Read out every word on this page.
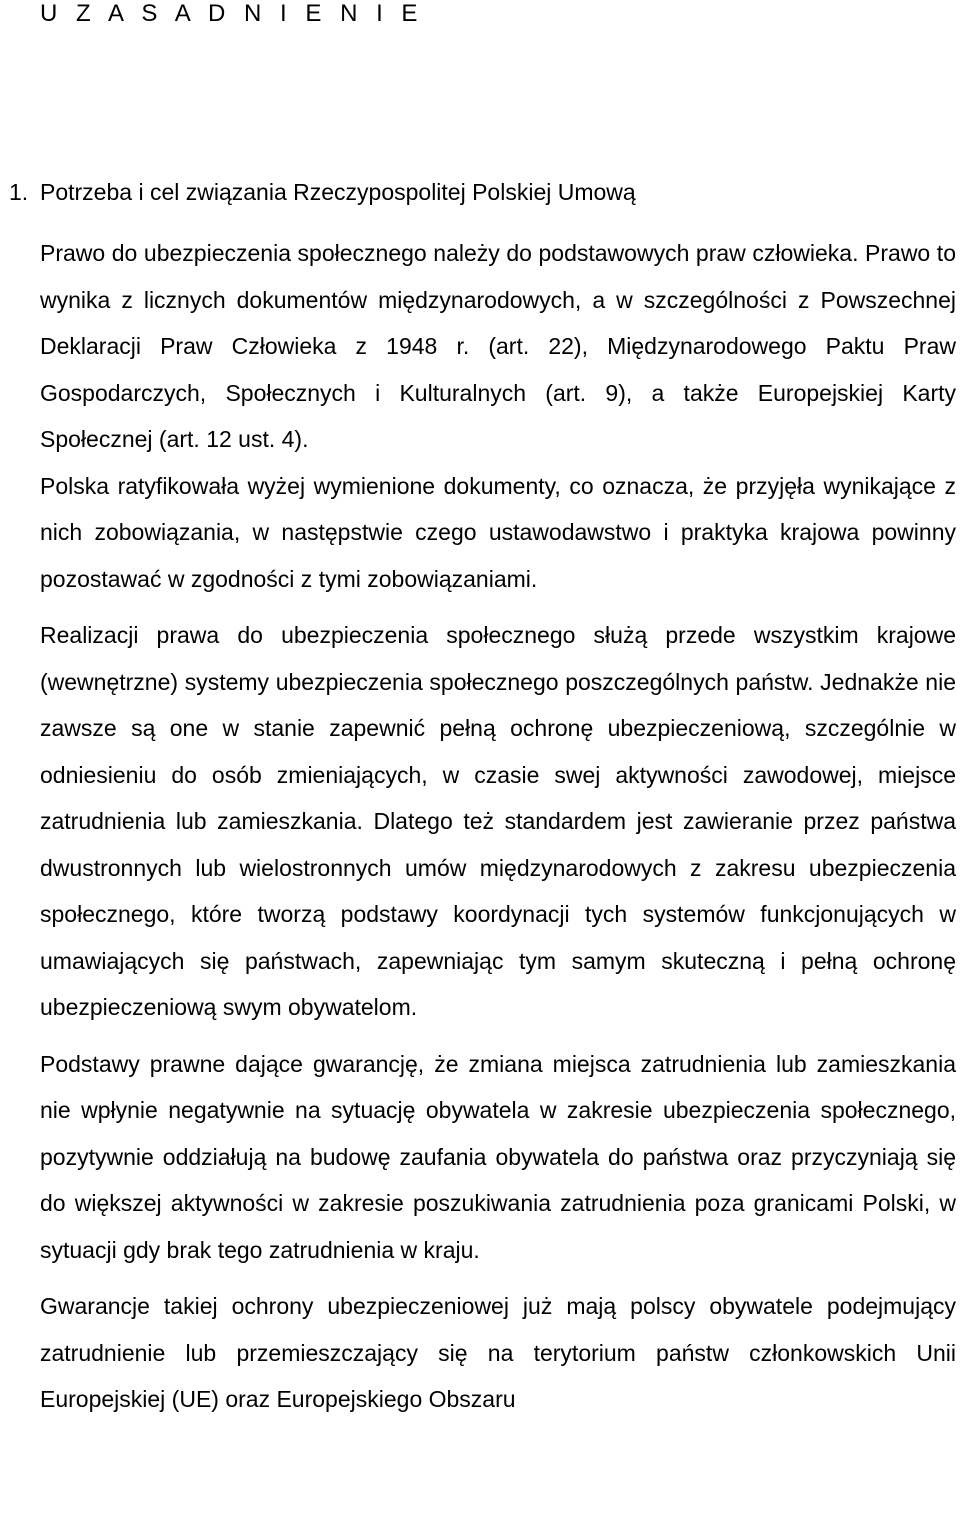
U Z A S A D N I E N I E
1. Potrzeba i cel związania Rzeczypospolitej Polskiej Umową

Prawo do ubezpieczenia społecznego należy do podstawowych praw człowieka. Prawo to wynika z licznych dokumentów międzynarodowych, a w szczególności z Powszechnej Deklaracji Praw Człowieka z 1948 r. (art. 22), Międzynarodowego Paktu Praw Gospodarczych, Społecznych i Kulturalnych (art. 9), a także Europejskiej Karty Społecznej (art. 12 ust. 4).

Polska ratyfikowała wyżej wymienione dokumenty, co oznacza, że przyjęła wynikające z nich zobowiązania, w następstwie czego ustawodawstwo i praktyka krajowa powinny pozostawać w zgodności z tymi zobowiązaniami.

Realizacji prawa do ubezpieczenia społecznego służą przede wszystkim krajowe (wewnętrzne) systemy ubezpieczenia społecznego poszczególnych państw. Jednakże nie zawsze są one w stanie zapewnić pełną ochronę ubezpieczeniową, szczególnie w odniesieniu do osób zmieniających, w czasie swej aktywności zawodowej, miejsce zatrudnienia lub zamieszkania. Dlatego też standardem jest zawieranie przez państwa dwustronnych lub wielostronnych umów międzynarodowych z zakresu ubezpieczenia społecznego, które tworzą podstawy koordynacji tych systemów funkcjonujących w umawiających się państwach, zapewniając tym samym skuteczną i pełną ochronę ubezpieczeniową swym obywatelom.

Podstawy prawne dające gwarancję, że zmiana miejsca zatrudnienia lub zamieszkania nie wpłynie negatywnie na sytuację obywatela w zakresie ubezpieczenia społecznego, pozytywnie oddziałują na budowę zaufania obywatela do państwa oraz przyczyniają się do większej aktywności w zakresie poszukiwania zatrudnienia poza granicami Polski, w sytuacji gdy brak tego zatrudnienia w kraju.

Gwarancje takiej ochrony ubezpieczeniowej już mają polscy obywatele podejmujący zatrudnienie lub przemieszczający się na terytorium państw członkowskich Unii Europejskiej (UE) oraz Europejskiego Obszaru
